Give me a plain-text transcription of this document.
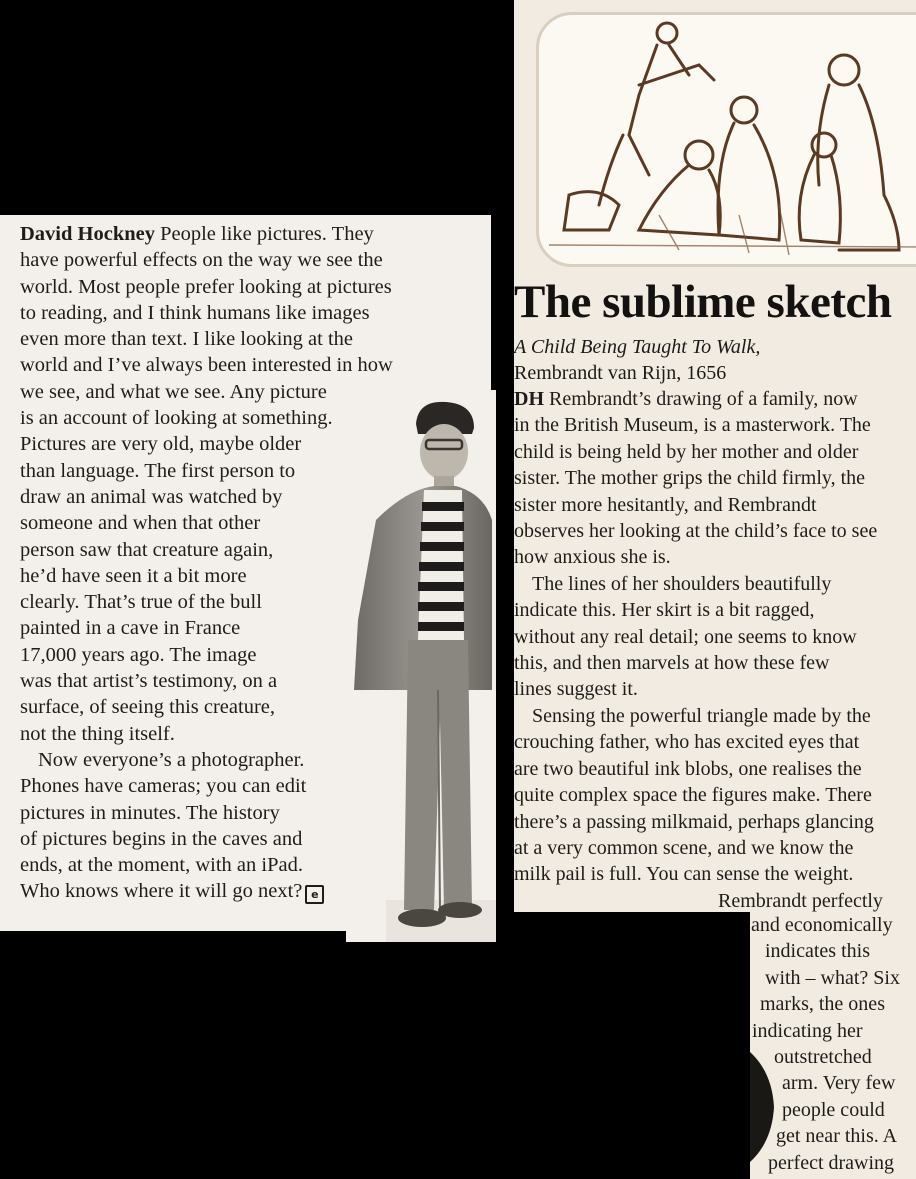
David Hockney People like pictures. They
have powerful effects on the way we see the
world. Most people prefer looking at pictures
to reading, and I think humans like images
even more than text. I like looking at the
world and I’ve always been interested in how
we see, and what we see. Any picture
is an account of looking at something.
Pictures are very old, maybe older
than language. The first person to
draw an animal was watched by
someone and when that other
person saw that creature again,
he’d have seen it a bit more
clearly. That’s true of the bull
painted in a cave in France
17,000 years ago. The image
was that artist’s testimony, on a
surface, of seeing this creature,
not the thing itself.
Now everyone’s a photographer.
Phones have cameras; you can edit
pictures in minutes. The history
of pictures begins in the caves and
ends, at the moment, with an iPad.
Who knows where it will go next? e
The sublime sketch
A Child Being Taught To Walk,
Rembrandt van Rijn, 1656
DH Rembrandt’s drawing of a family, now
in the British Museum, is a masterwork. The
child is being held by her mother and older
sister. The mother grips the child firmly, the
sister more hesitantly, and Rembrandt
observes her looking at the child’s face to see
how anxious she is.
The lines of her shoulders beautifully
indicate this. Her skirt is a bit ragged,
without any real detail; one seems to know
this, and then marvels at how these few
lines suggest it.
Sensing the powerful triangle made by the
crouching father, who has excited eyes that
are two beautiful ink blobs, one realises the
quite complex space the figures make. There
there’s a passing milkmaid, perhaps glancing
at a very common scene, and we know the
milk pail is full. You can sense the weight.
Rembrandt perfectly
and economically
indicates this
with – what? Six
marks, the ones
indicating her
outstretched
arm. Very few
people could
get near this. A
perfect drawing
